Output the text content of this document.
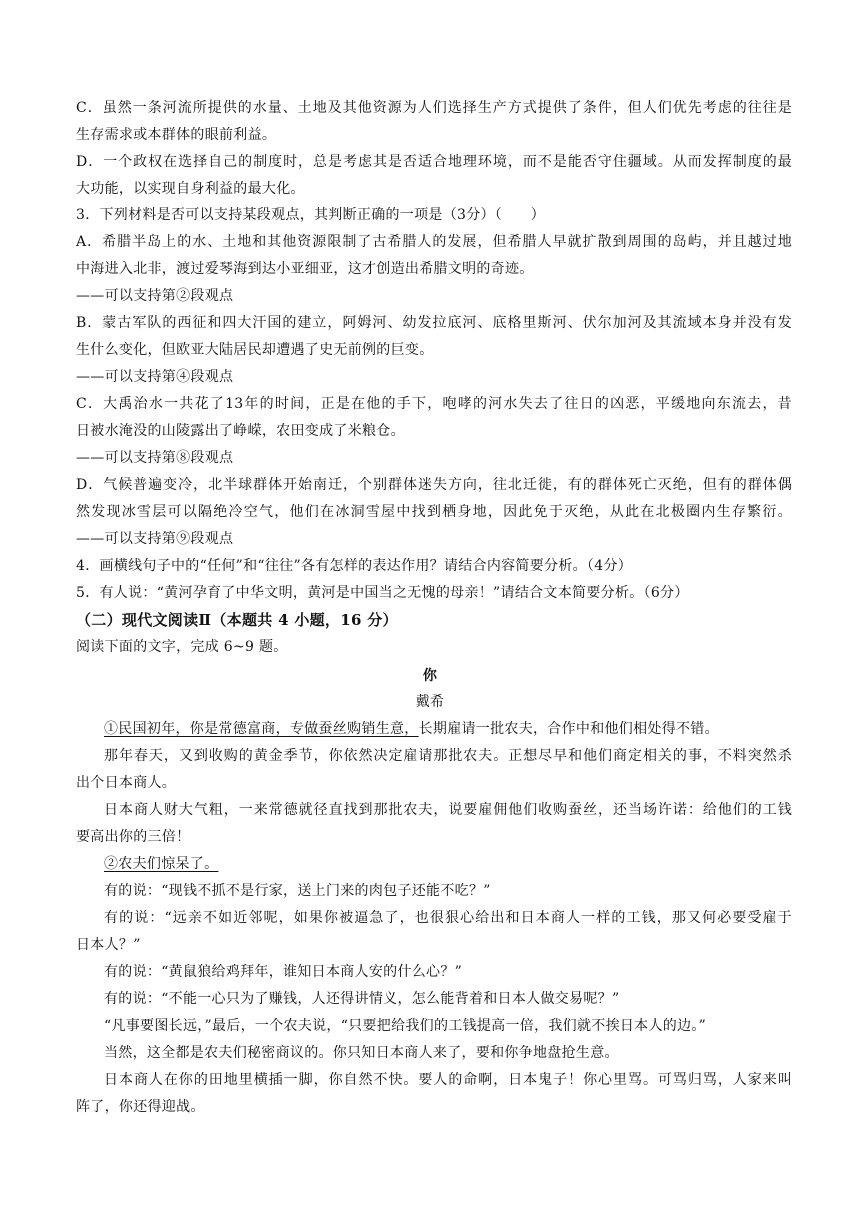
C．虽然一条河流所提供的水量、土地及其他资源为人们选择生产方式提供了条件，但人们优先考虑的往往是
生存需求或本群体的眼前利益。
D．一个政权在选择自己的制度时，总是考虑其是否适合地理环境，而不是能否守住疆域。从而发挥制度的最
大功能，以实现自身利益的最大化。
3．下列材料是否可以支持某段观点，其判断正确的一项是（3分）（　　）
A．希腊半岛上的水、土地和其他资源限制了古希腊人的发展，但希腊人早就扩散到周围的岛屿，并且越过地
中海进入北非，渡过爱琴海到达小亚细亚，这才创造出希腊文明的奇迹。
——可以支持第②段观点
B．蒙古军队的西征和四大汗国的建立，阿姆河、幼发拉底河、底格里斯河、伏尔加河及其流域本身并没有发
生什么变化，但欧亚大陆居民却遭遇了史无前例的巨变。
——可以支持第④段观点
C．大禹治水一共花了13年的时间，正是在他的手下，咆哮的河水失去了往日的凶恶，平缓地向东流去，昔
日被水淹没的山陵露出了峥嵘，农田变成了米粮仓。
——可以支持第⑧段观点
D．气候普遍变冷，北半球群体开始南迁，个别群体迷失方向，往北迁徙，有的群体死亡灭绝，但有的群体偶
然发现冰雪层可以隔绝冷空气，他们在冰洞雪屋中找到栖身地，因此免于灭绝，从此在北极圈内生存繁衍。
——可以支持第⑨段观点
4．画横线句子中的“任何”和“往往”各有怎样的表达作用？请结合内容简要分析。（4分）
5．有人说：“黄河孕育了中华文明，黄河是中国当之无愧的母亲！”请结合文本简要分析。（6分）
（二）现代文阅读Ⅱ（本题共 4 小题，16 分）
阅读下面的文字，完成 6~9 题。
你
戴希
①民国初年，你是常德富商，专做蚕丝购销生意，长期雇请一批农夫，合作中和他们相处得不错。
那年春天，又到收购的黄金季节，你依然决定雇请那批农夫。正想尽早和他们商定相关的事，不料突然杀
出个日本商人。
日本商人财大气粗，一来常德就径直找到那批农夫，说要雇佣他们收购蚕丝，还当场许诺：给他们的工钱
要高出你的三倍！
②农夫们惊呆了。
有的说：“现钱不抓不是行家，送上门来的肉包子还能不吃？”
有的说：“远亲不如近邻呢，如果你被逼急了，也很狠心给出和日本商人一样的工钱，那又何必要受雇于
日本人？”
有的说：“黄鼠狼给鸡拜年，谁知日本商人安的什么心？”
有的说：“不能一心只为了赚钱，人还得讲情义，怎么能背着和日本人做交易呢？”
“凡事要图长远，”最后，一个农夫说，“只要把给我们的工钱提高一倍，我们就不挨日本人的边。”
当然，这全都是农夫们秘密商议的。你只知日本商人来了，要和你争地盘抢生意。
日本商人在你的田地里横插一脚，你自然不快。要人的命啊，日本鬼子！你心里骂。可骂归骂，人家来叫
阵了，你还得迎战。
